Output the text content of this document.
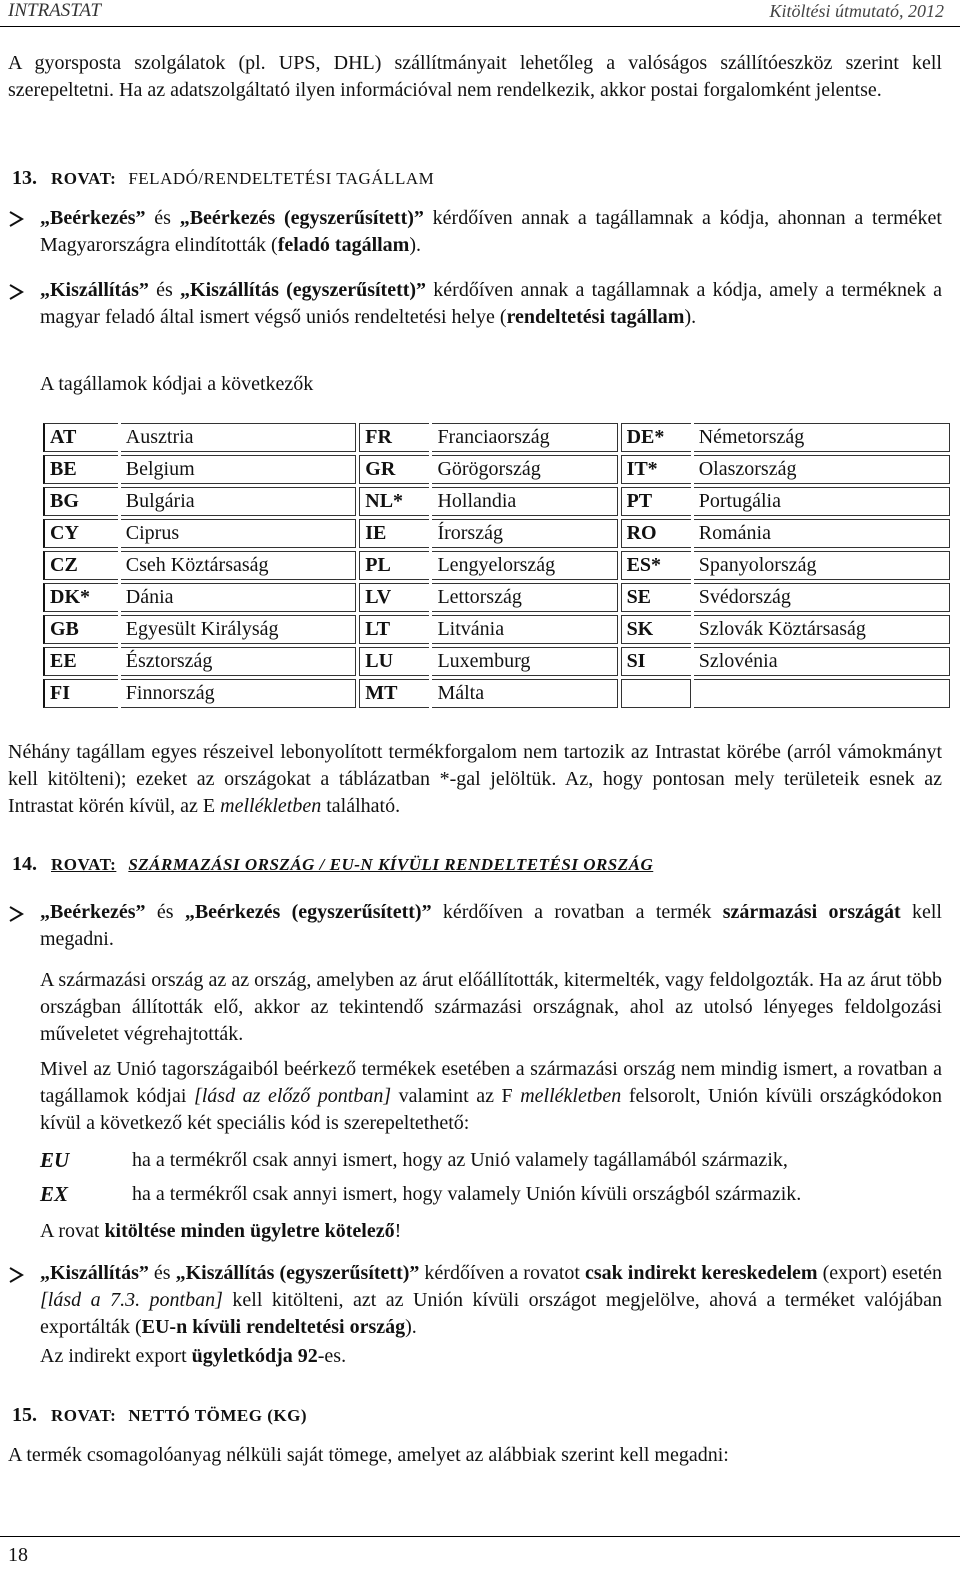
INTRASTAT	Kitöltési útmutató, 2012

A gyorsposta szolgálatok (pl. UPS, DHL) szállítmányait lehetőleg a valóságos szállítóeszköz szerint kell szerepeltetni. Ha az adatszolgáltató ilyen információval nem rendelkezik, akkor postai forgalomként jelentse.

13. ROVAT: FELADÓ/RENDELTETÉSI TAGÁLLAM

„Beérkezés” és „Beérkezés (egyszerűsített)” kérdőíven annak a tagállamnak a kódja, ahonnan a terméket Magyarországra elindították (feladó tagállam).

„Kiszállítás” és „Kiszállítás (egyszerűsített)” kérdőíven annak a tagállamnak a kódja, amely a terméknek a magyar feladó által ismert végső uniós rendeltetési helye (rendeltetési tagállam).

A tagállamok kódjai a következők

AT	Ausztria	FR	Franciaország	DE*	Németország
BE	Belgium	GR	Görögország	IT*	Olaszország
BG	Bulgária	NL*	Hollandia	PT	Portugália
CY	Ciprus	IE	Írország	RO	Románia
CZ	Cseh Köztársaság	PL	Lengyelország	ES*	Spanyolország
DK*	Dánia	LV	Lettország	SE	Svédország
GB	Egyesült Királyság	LT	Litvánia	SK	Szlovák Köztársaság
EE	Észtország	LU	Luxemburg	SI	Szlovénia
FI	Finnország	MT	Málta		

Néhány tagállam egyes részeivel lebonyolított termékforgalom nem tartozik az Intrastat körébe (arról vámokmányt kell kitölteni); ezeket az országokat a táblázatban *-gal jelöltük. Az, hogy pontosan mely területeik esnek az Intrastat körén kívül, az E mellékletben található.

14. ROVAT: SZÁRMAZÁSI ORSZÁG / EU-N KÍVÜLI RENDELTETÉSI ORSZÁG

„Beérkezés” és „Beérkezés (egyszerűsített)” kérdőíven a rovatban a termék származási országát kell megadni.

A származási ország az az ország, amelyben az árut előállították, kitermelték, vagy feldolgozták. Ha az árut több országban állították elő, akkor az tekintendő származási országnak, ahol az utolsó lényeges feldolgozási műveletet végrehajtották.

Mivel az Unió tagországaiból beérkező termékek esetében a származási ország nem mindig ismert, a rovatban a tagállamok kódjai [lásd az előző pontban] valamint az F mellékletben felsorolt, Unión kívüli országkódokon kívül a következő két speciális kód is szerepeltethető:

EU	ha a termékről csak annyi ismert, hogy az Unió valamely tagállamából származik,
EX	ha a termékről csak annyi ismert, hogy valamely Unión kívüli országból származik.

A rovat kitöltése minden ügyletre kötelező!

„Kiszállítás” és „Kiszállítás (egyszerűsített)” kérdőíven a rovatot csak indirekt kereskedelem (export) esetén [lásd a 7.3. pontban] kell kitölteni, azt az Unión kívüli országot megjelölve, ahová a terméket valójában exportálták (EU-n kívüli rendeltetési ország).

Az indirekt export ügyletkódja 92-es.

15. ROVAT: NETTÓ TÖMEG (KG)

A termék csomagolóanyag nélküli saját tömege, amelyet az alábbiak szerint kell megadni:

18
